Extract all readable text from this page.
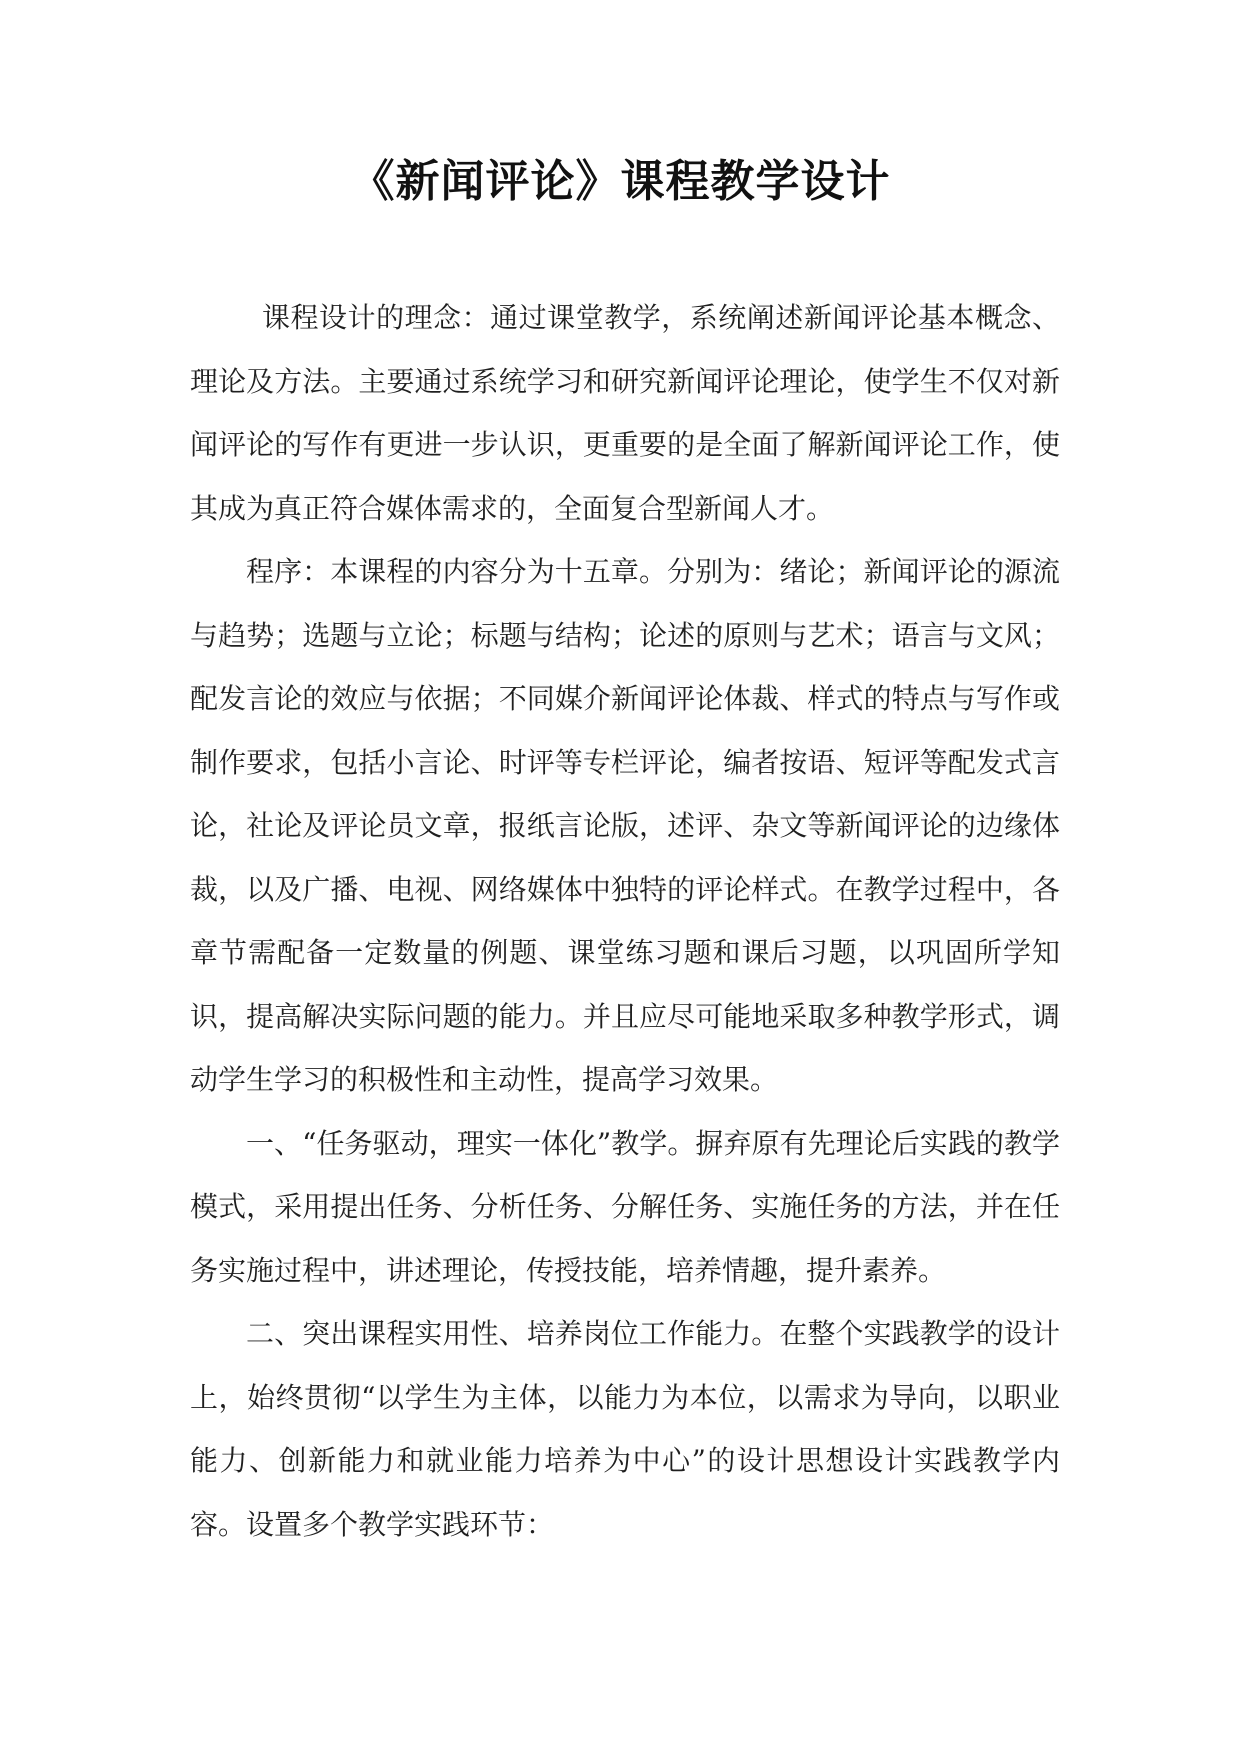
《新闻评论》课程教学设计

课程设计的理念：通过课堂教学，系统阐述新闻评论基本概念、理论及方法。主要通过系统学习和研究新闻评论理论，使学生不仅对新闻评论的写作有更进一步认识，更重要的是全面了解新闻评论工作，使其成为真正符合媒体需求的，全面复合型新闻人才。

程序：本课程的内容分为十五章。分别为：绪论；新闻评论的源流与趋势；选题与立论；标题与结构；论述的原则与艺术；语言与文风；配发言论的效应与依据；不同媒介新闻评论体裁、样式的特点与写作或制作要求，包括小言论、时评等专栏评论，编者按语、短评等配发式言论，社论及评论员文章，报纸言论版，述评、杂文等新闻评论的边缘体裁，以及广播、电视、网络媒体中独特的评论样式。在教学过程中，各章节需配备一定数量的例题、课堂练习题和课后习题，以巩固所学知识，提高解决实际问题的能力。并且应尽可能地采取多种教学形式，调动学生学习的积极性和主动性，提高学习效果。

一、“任务驱动，理实一体化”教学。摒弃原有先理论后实践的教学模式，采用提出任务、分析任务、分解任务、实施任务的方法，并在任务实施过程中，讲述理论，传授技能，培养情趣，提升素养。

二、突出课程实用性、培养岗位工作能力。在整个实践教学的设计上，始终贯彻“以学生为主体，以能力为本位，以需求为导向，以职业能力、创新能力和就业能力培养为中心”的设计思想设计实践教学内容。设置多个教学实践环节：
